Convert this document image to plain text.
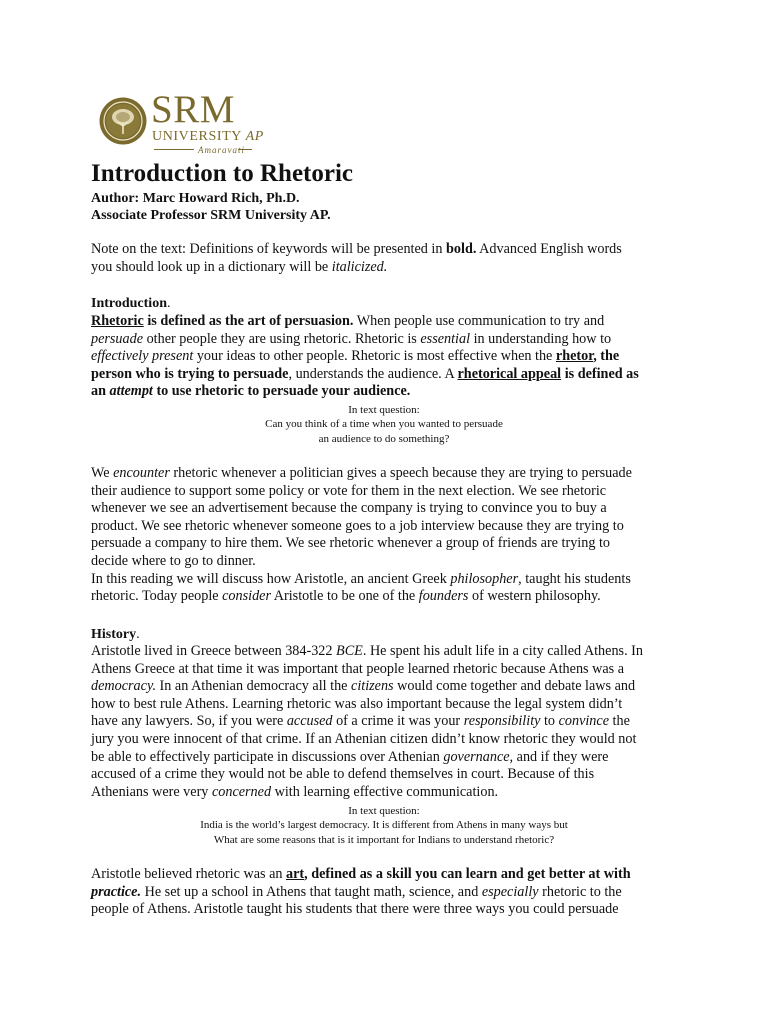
SRM
UNIVERSITY AP
Amaravati
Introduction to Rhetoric
Author: Marc Howard Rich, Ph.D.
Associate Professor SRM University AP.
Note on the text: Definitions of keywords will be presented in bold. Advanced English words
you should look up in a dictionary will be italicized.
Introduction.
Rhetoric is defined as the art of persuasion. When people use communication to try and
persuade other people they are using rhetoric. Rhetoric is essential in understanding how to
effectively present your ideas to other people. Rhetoric is most effective when the rhetor, the
person who is trying to persuade, understands the audience. A rhetorical appeal is defined as
an attempt to use rhetoric to persuade your audience.
In text question:
Can you think of a time when you wanted to persuade
an audience to do something?
We encounter rhetoric whenever a politician gives a speech because they are trying to persuade
their audience to support some policy or vote for them in the next election. We see rhetoric
whenever we see an advertisement because the company is trying to convince you to buy a
product. We see rhetoric whenever someone goes to a job interview because they are trying to
persuade a company to hire them. We see rhetoric whenever a group of friends are trying to
decide where to go to dinner.
In this reading we will discuss how Aristotle, an ancient Greek philosopher, taught his students
rhetoric. Today people consider Aristotle to be one of the founders of western philosophy.
History.
Aristotle lived in Greece between 384-322 BCE. He spent his adult life in a city called Athens. In
Athens Greece at that time it was important that people learned rhetoric because Athens was a
democracy. In an Athenian democracy all the citizens would come together and debate laws and
how to best rule Athens. Learning rhetoric was also important because the legal system didn’t
have any lawyers. So, if you were accused of a crime it was your responsibility to convince the
jury you were innocent of that crime. If an Athenian citizen didn’t know rhetoric they would not
be able to effectively participate in discussions over Athenian governance, and if they were
accused of a crime they would not be able to defend themselves in court. Because of this
Athenians were very concerned with learning effective communication.
In text question:
India is the world’s largest democracy. It is different from Athens in many ways but
What are some reasons that is it important for Indians to understand rhetoric?
Aristotle believed rhetoric was an art, defined as a skill you can learn and get better at with
practice. He set up a school in Athens that taught math, science, and especially rhetoric to the
people of Athens. Aristotle taught his students that there were three ways you could persuade
